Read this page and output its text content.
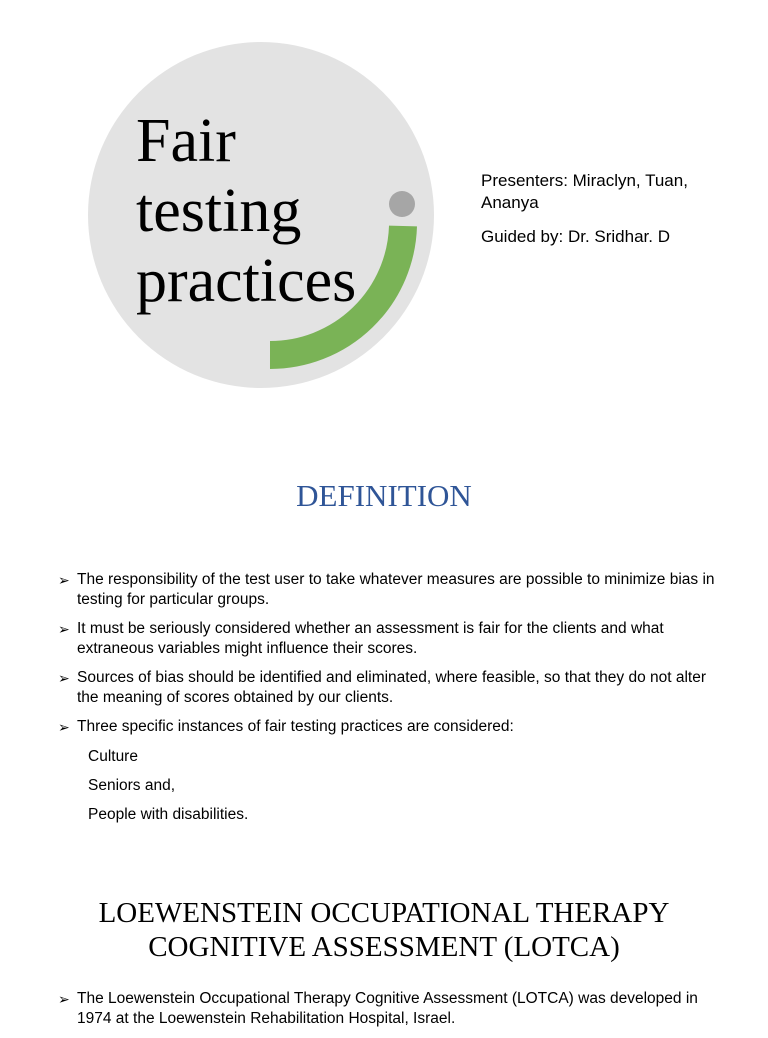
Fair
testing
practices
Presenters: Miraclyn, Tuan, Ananya
Guided by: Dr. Sridhar. D
DEFINITION
➢ The responsibility of the test user to take whatever measures are possible to minimize bias in testing for particular groups.
➢ It must be seriously considered whether an assessment is fair for the clients and what extraneous variables might influence their scores.
➢ Sources of bias should be identified and eliminated, where feasible, so that they do not alter the meaning of scores obtained by our clients.
➢ Three specific instances of fair testing practices are considered:
Culture
Seniors and,
People with disabilities.
LOEWENSTEIN OCCUPATIONAL THERAPY
COGNITIVE ASSESSMENT (LOTCA)
➢ The Loewenstein Occupational Therapy Cognitive Assessment (LOTCA) was developed in 1974 at the Loewenstein Rehabilitation Hospital, Israel.
